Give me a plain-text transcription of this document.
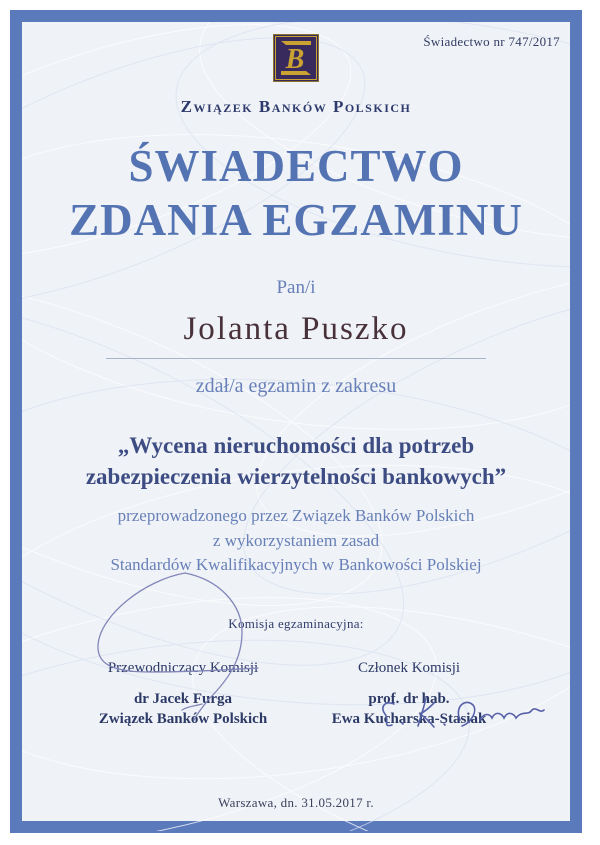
Świadectwo nr 747/2017
B
Związek Banków Polskich
ŚWIADECTWO
ZDANIA EGZAMINU
Pan/i
Jolanta Puszko
zdał/a egzamin z zakresu
„Wycena nieruchomości dla potrzeb
zabezpieczenia wierzytelności bankowych”
przeprowadzonego przez Związek Banków Polskich
z wykorzystaniem zasad
Standardów Kwalifikacyjnych w Bankowości Polskiej
Komisja egzaminacyjna:
Przewodniczący Komisji
dr Jacek Furga
Związek Banków Polskich
Członek Komisji
prof. dr hab.
Ewa Kucharska-Stasiak
Warszawa, dn. 31.05.2017 r.
